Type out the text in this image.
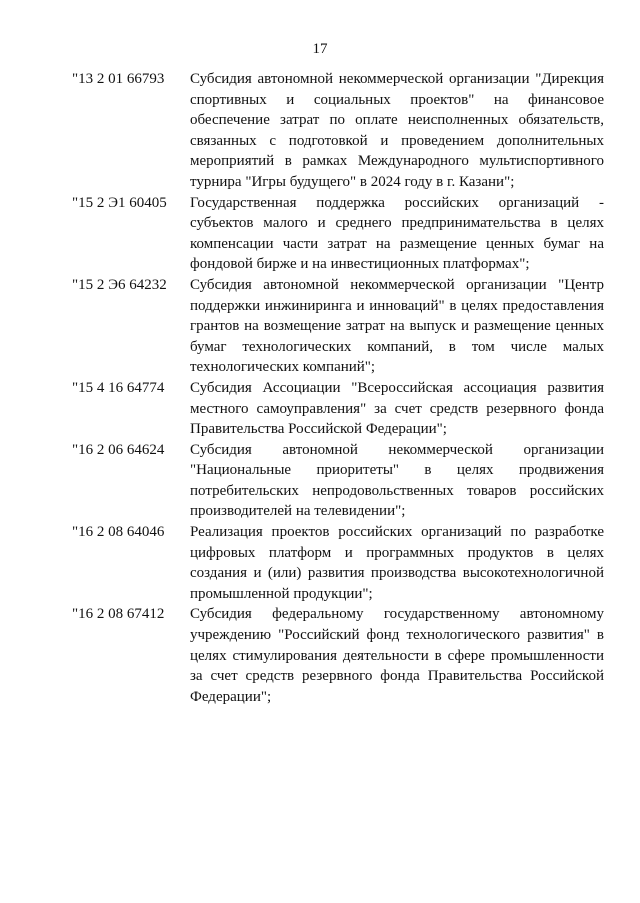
17
"13 2 01 66793	Субсидия автономной некоммерческой организации "Дирекция спортивных и социальных проектов" на финансовое обеспечение затрат по оплате неисполненных обязательств, связанных с подготовкой и проведением дополнительных мероприятий в рамках Международного мультиспортивного турнира "Игры будущего" в 2024 году в г. Казани";
"15 2 Э1 60405	Государственная поддержка российских организаций - субъектов малого и среднего предпринимательства в целях компенсации части затрат на размещение ценных бумаг на фондовой бирже и на инвестиционных платформах";
"15 2 Э6 64232	Субсидия автономной некоммерческой организации "Центр поддержки инжиниринга и инноваций" в целях предоставления грантов на возмещение затрат на выпуск и размещение ценных бумаг технологических компаний, в том числе малых технологических компаний";
"15 4 16 64774	Субсидия Ассоциации "Всероссийская ассоциация развития местного самоуправления" за счет средств резервного фонда Правительства Российской Федерации";
"16 2 06 64624	Субсидия автономной некоммерческой организации "Национальные приоритеты" в целях продвижения потребительских непродовольственных товаров российских производителей на телевидении";
"16 2 08 64046	Реализация проектов российских организаций по разработке цифровых платформ и программных продуктов в целях создания и (или) развития производства высокотехнологичной промышленной продукции";
"16 2 08 67412	Субсидия федеральному государственному автономному учреждению "Российский фонд технологического развития" в целях стимулирования деятельности в сфере промышленности за счет средств резервного фонда Правительства Российской Федерации";
